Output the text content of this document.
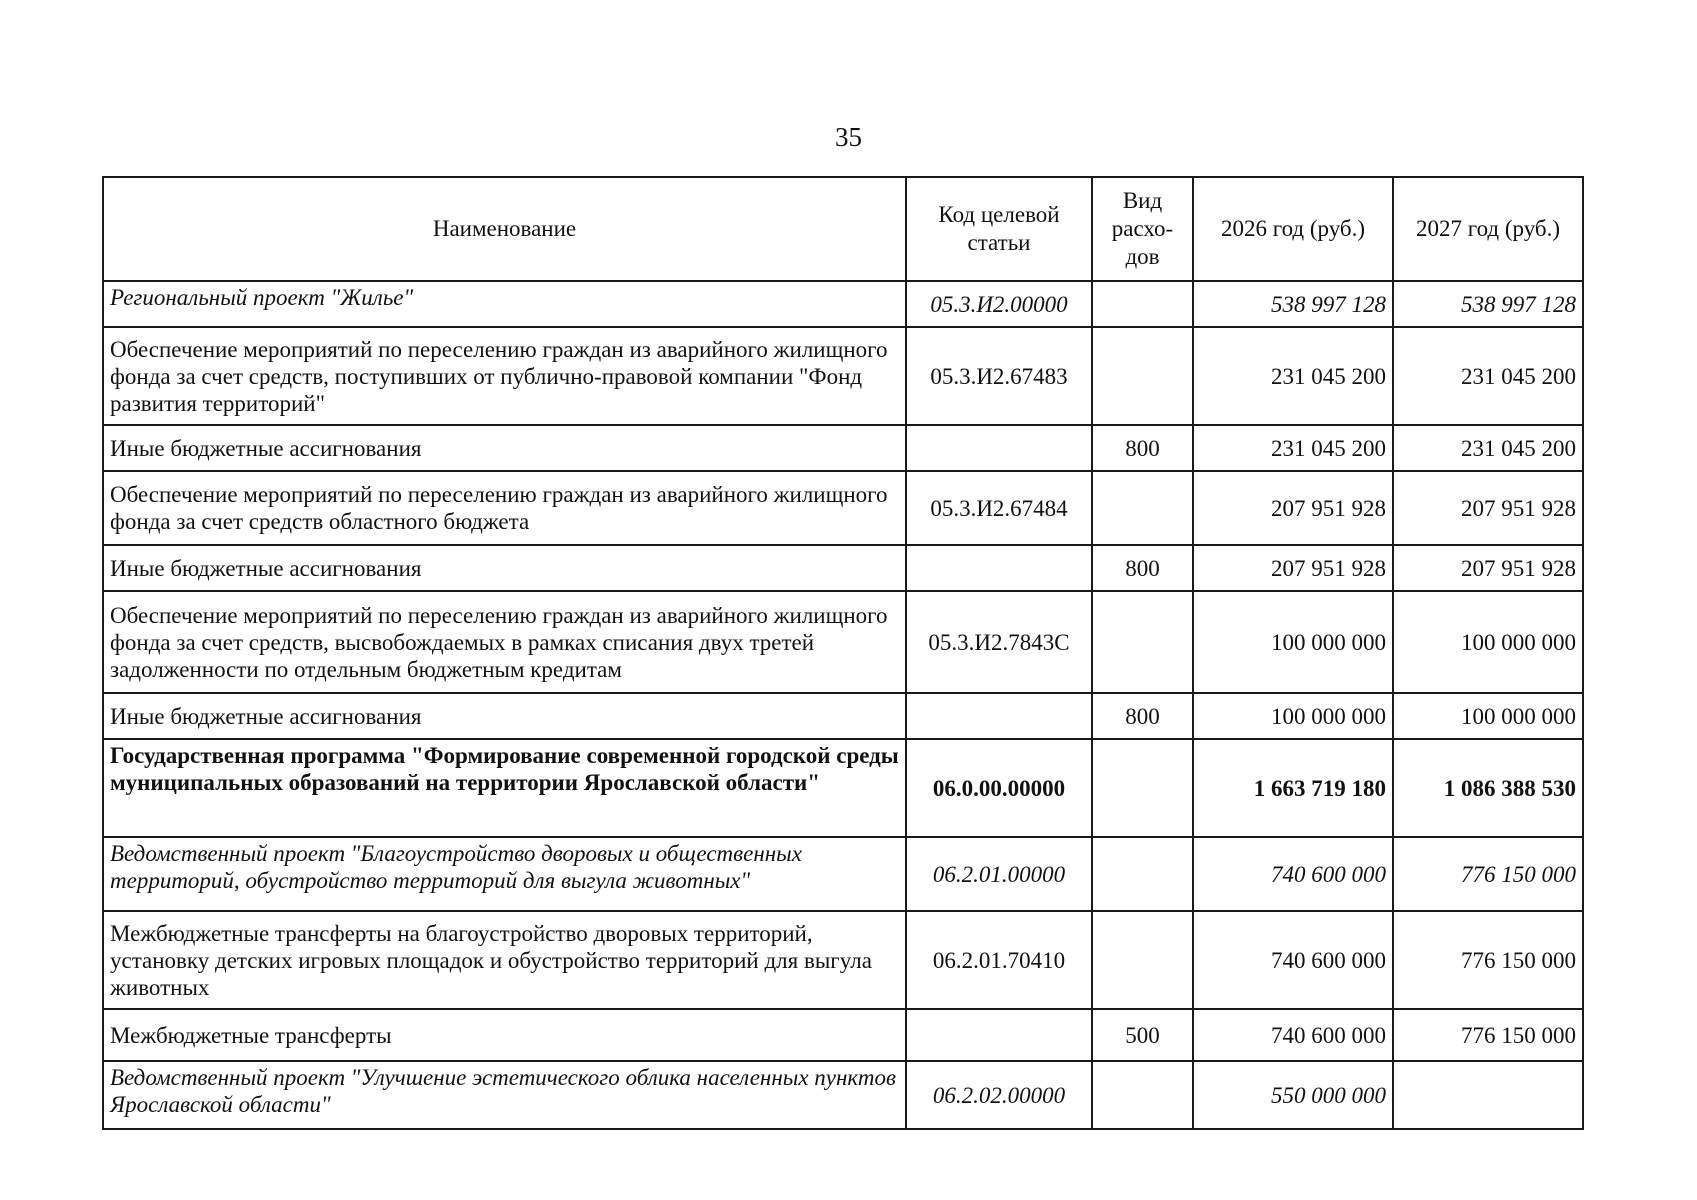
35
Наименование	Код целевой статьи	Вид расхо-дов	2026 год (руб.)	2027 год (руб.)
Региональный проект "Жилье"	05.3.И2.00000		538 997 128	538 997 128
Обеспечение мероприятий по переселению граждан из аварийного жилищного фонда за счет средств, поступивших от публично-правовой компании "Фонд развития территорий"	05.3.И2.67483		231 045 200	231 045 200
Иные бюджетные ассигнования		800	231 045 200	231 045 200
Обеспечение мероприятий по переселению граждан из аварийного жилищного фонда за счет средств областного бюджета	05.3.И2.67484		207 951 928	207 951 928
Иные бюджетные ассигнования		800	207 951 928	207 951 928
Обеспечение мероприятий по переселению граждан из аварийного жилищного фонда за счет средств, высвобождаемых в рамках списания двух третей задолженности по отдельным бюджетным кредитам	05.3.И2.7843С		100 000 000	100 000 000
Иные бюджетные ассигнования		800	100 000 000	100 000 000
Государственная программа "Формирование современной городской среды муниципальных образований на территории Ярославской области"	06.0.00.00000		1 663 719 180	1 086 388 530
Ведомственный проект "Благоустройство дворовых и общественных территорий, обустройство территорий для выгула животных"	06.2.01.00000		740 600 000	776 150 000
Межбюджетные трансферты на благоустройство дворовых территорий, установку детских игровых площадок и обустройство территорий для выгула животных	06.2.01.70410		740 600 000	776 150 000
Межбюджетные трансферты		500	740 600 000	776 150 000
Ведомственный проект "Улучшение эстетического облика населенных пунктов Ярославской области"	06.2.02.00000		550 000 000	
